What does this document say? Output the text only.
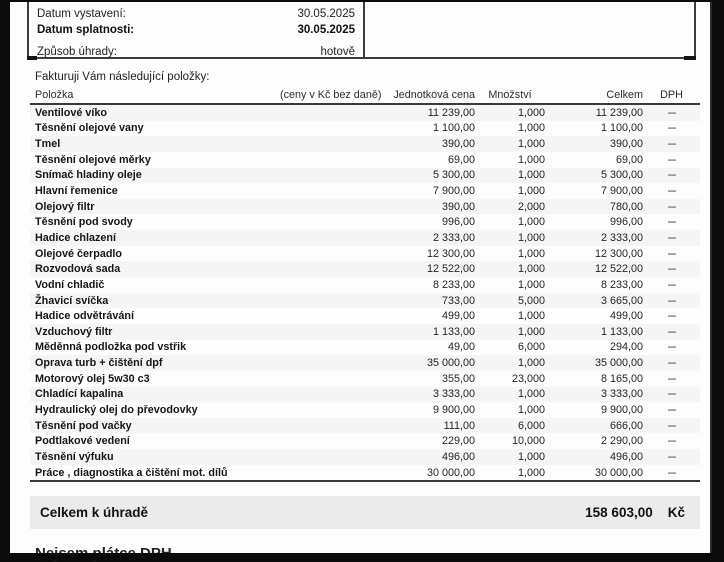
Datum vystavení:	30.05.2025
Datum splatnosti:	30.05.2025
Způsob úhrady:	hotově
Fakturuji Vám následující položky:
Položka	(ceny v Kč bez daně)	Jednotková cena	Množství	Celkem	DPH
Ventilové víko	11 239,00	1,000	11 239,00	---
Těsnění olejové vany	1 100,00	1,000	1 100,00	---
Tmel	390,00	1,000	390,00	---
Těsnění olejové měrky	69,00	1,000	69,00	---
Snímač hladiny oleje	5 300,00	1,000	5 300,00	---
Hlavní řemenice	7 900,00	1,000	7 900,00	---
Olejový filtr	390,00	2,000	780,00	---
Těsnění pod svody	996,00	1,000	996,00	---
Hadice chlazení	2 333,00	1,000	2 333,00	---
Olejové čerpadlo	12 300,00	1,000	12 300,00	---
Rozvodová sada	12 522,00	1,000	12 522,00	---
Vodní chladič	8 233,00	1,000	8 233,00	---
Žhavicí svíčka	733,00	5,000	3 665,00	---
Hadice odvětrávání	499,00	1,000	499,00	---
Vzduchový filtr	1 133,00	1,000	1 133,00	---
Měděnná podložka pod vstřik	49,00	6,000	294,00	---
Oprava turb + čištění dpf	35 000,00	1,000	35 000,00	---
Motorový olej 5w30 c3	355,00	23,000	8 165,00	---
Chladící kapalina	3 333,00	1,000	3 333,00	---
Hydraulický olej do převodovky	9 900,00	1,000	9 900,00	---
Těsnění pod vačky	111,00	6,000	666,00	---
Podtlakové vedení	229,00	10,000	2 290,00	---
Těsnění výfuku	496,00	1,000	496,00	---
Práce , diagnostika a čištění mot. dílů	30 000,00	1,000	30 000,00	---
Celkem k úhradě	158 603,00 Kč
